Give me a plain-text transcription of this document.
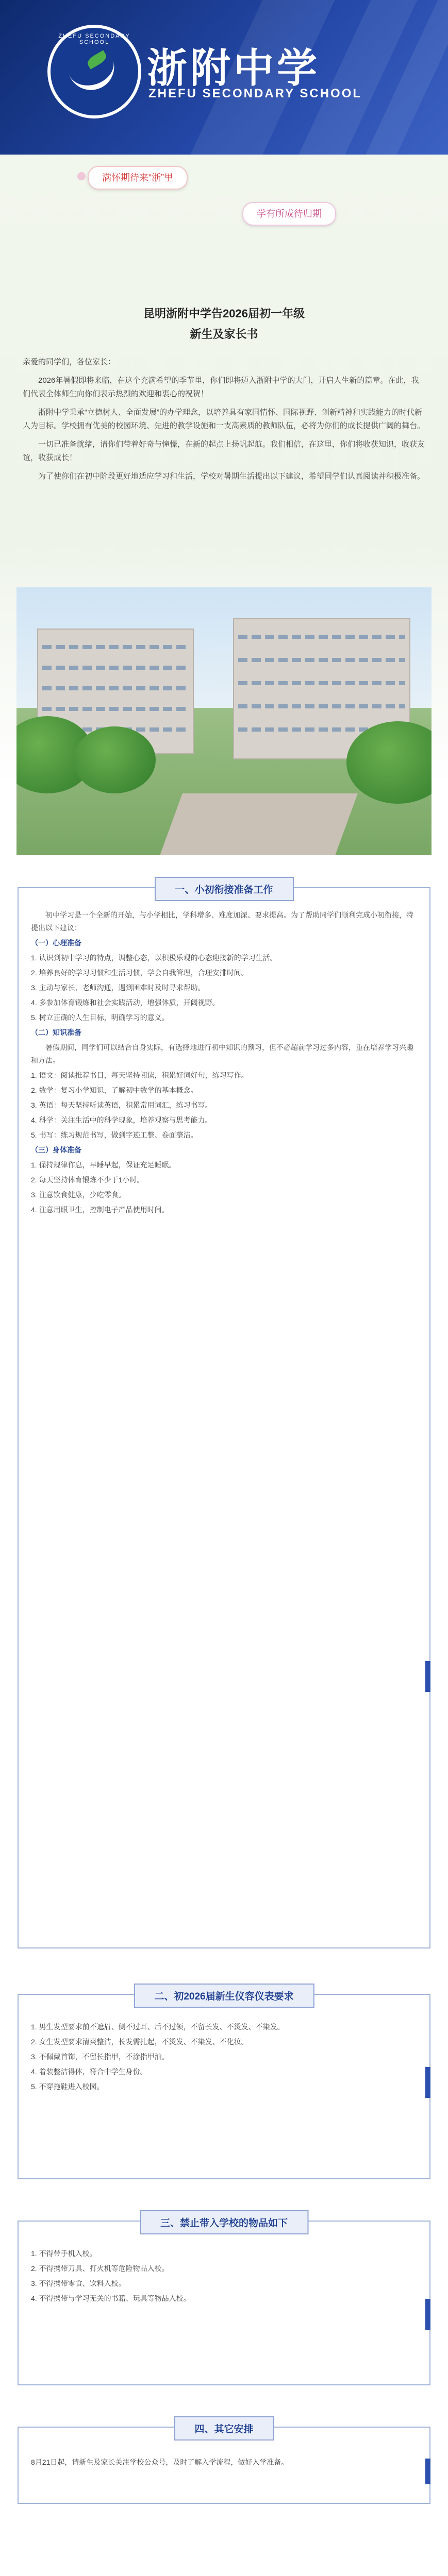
ZHEFU SECONDARY SCHOOL
浙附中学
ZHEFU SECONDARY SCHOOL
满怀期待来“浙”里
学有所成待归期
昆明浙附中学告2026届初一年级
新生及家长书

亲爱的同学们，各位家长：

2026年暑假即将来临，在这个充满希望的季节里，你们即将迈入浙附中学的大门，开启人生新的篇章。在此，我们代表全体师生向你们表示热烈的欢迎和衷心的祝贺！

浙附中学秉承“立德树人、全面发展”的办学理念，以培养具有家国情怀、国际视野、创新精神和实践能力的时代新人为目标。学校拥有优美的校园环境、先进的教学设施和一支高素质的教师队伍，必将为你们的成长提供广阔的舞台。

一切已准备就绪，请你们带着好奇与憧憬，在新的起点上扬帆起航。我们相信，在这里，你们将收获知识，收获友谊，收获成长！

为了使你们在初中阶段更好地适应学习和生活，学校对暑期生活提出以下建议，希望同学们认真阅读并积极准备。

一、小初衔接准备工作

初中学习是一个全新的开始，与小学相比，学科增多、难度加深、要求提高。为了帮助同学们顺利完成小初衔接，特提出以下建议：

（一）心理准备

1. 认识到初中学习的特点，调整心态，以积极乐观的心态迎接新的学习生活。

2. 培养良好的学习习惯和生活习惯，学会自我管理，合理安排时间。

3. 主动与家长、老师沟通，遇到困难时及时寻求帮助。

4. 多参加体育锻炼和社会实践活动，增强体质，开阔视野。

5. 树立正确的人生目标，明确学习的意义。

（二）知识准备

暑假期间，同学们可以结合自身实际，有选择地进行初中知识的预习，但不必超前学习过多内容，重在培养学习兴趣和方法。

1. 语文：阅读推荐书目，每天坚持阅读，积累好词好句，练习写作。

2. 数学：复习小学知识，了解初中数学的基本概念。

3. 英语：每天坚持听读英语，积累常用词汇，练习书写。

4. 科学：关注生活中的科学现象，培养观察与思考能力。

5. 书写：练习规范书写，做到字迹工整、卷面整洁。

（三）身体准备

1. 保持规律作息，早睡早起，保证充足睡眠。

2. 每天坚持体育锻炼不少于1小时。

3. 注意饮食健康，少吃零食。

4. 注意用眼卫生，控制电子产品使用时间。

二、初2026届新生仪容仪表要求

1. 男生发型要求前不遮眉、侧不过耳、后不过领，不留长发、不烫发、不染发。

2. 女生发型要求清爽整洁，长发需扎起，不烫发、不染发、不化妆。

3. 不佩戴首饰，不留长指甲，不涂指甲油。

4. 着装整洁得体，符合中学生身份。

5. 不穿拖鞋进入校园。

三、禁止带入学校的物品如下

1. 不得带手机入校。

2. 不得携带刀具、打火机等危险物品入校。

3. 不得携带零食、饮料入校。

4. 不得携带与学习无关的书籍、玩具等物品入校。

四、其它安排

8月21日起，请新生及家长关注学校公众号，及时了解入学流程，做好入学准备。
